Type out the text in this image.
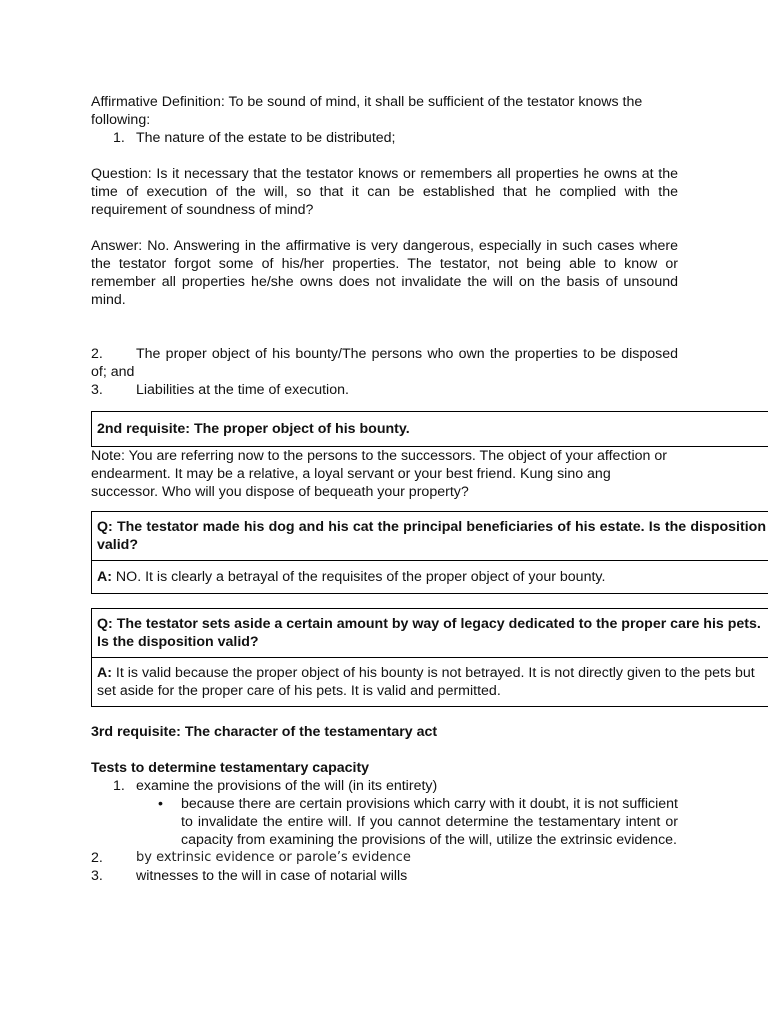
Affirmative Definition: To be sound of mind, it shall be sufficient of the testator knows the following:

1. The nature of the estate to be distributed;

Question: Is it necessary that the testator knows or remembers all properties he owns at the time of execution of the will, so that it can be established that he complied with the requirement of soundness of mind?

Answer: No. Answering in the affirmative is very dangerous, especially in such cases where the testator forgot some of his/her properties. The testator, not being able to know or remember all properties he/she owns does not invalidate the will on the basis of unsound mind.

2. The proper object of his bounty/The persons who own the properties to be disposed of; and
3.	Liabilities at the time of execution.
2nd requisite: The proper object of his bounty.

Note: You are referring now to the persons to the successors. The object of your affection or endearment. It may be a relative, a loyal servant or your best friend. Kung sino ang successor. Who will you dispose of bequeath your property?

Q: The testator made his dog and his cat the principal beneficiaries of his estate. Is the disposition valid?
A: NO. It is clearly a betrayal of the requisites of the proper object of your bounty.
Q: The testator sets aside a certain amount by way of legacy dedicated to the proper care his pets. Is the disposition valid?
A: It is valid because the proper object of his bounty is not betrayed. It is not directly given to the pets but set aside for the proper care of his pets. It is valid and permitted.

3rd requisite: The character of the testamentary act

Tests to determine testamentary capacity

1. examine the provisions of the will (in its entirety)
• because there are certain provisions which carry with it doubt, it is not sufficient to invalidate the entire will. If you cannot determine the testamentary intent or capacity from examining the provisions of the will, utilize the extrinsic evidence.
2.	by extrinsic evidence or parole’s evidence
3.	witnesses to the will in case of notarial wills
